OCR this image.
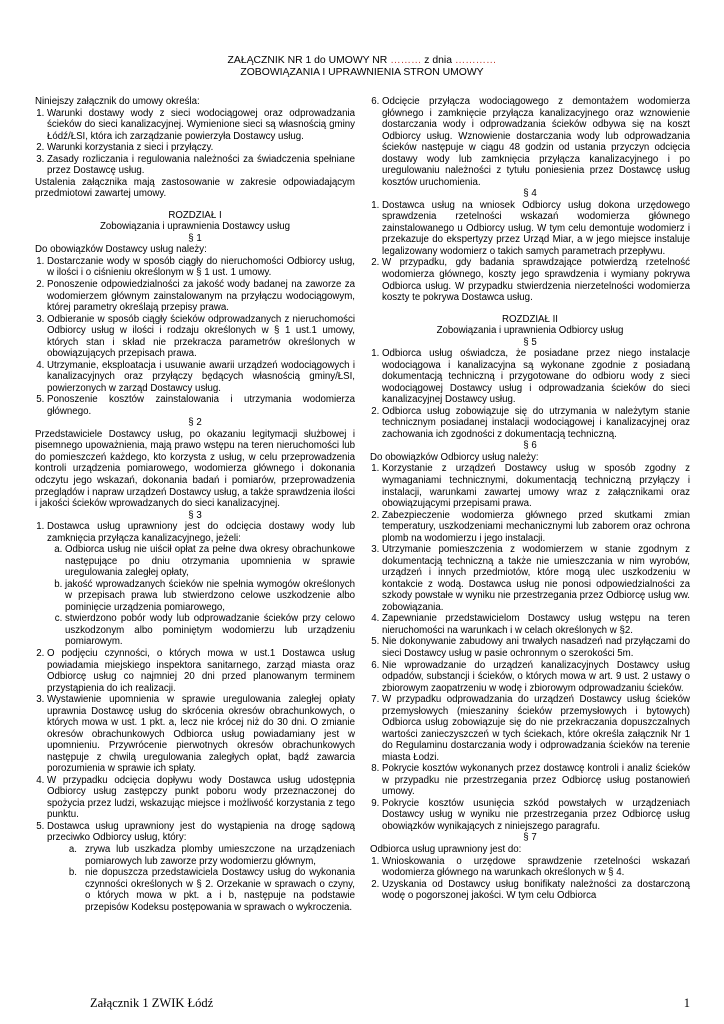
ZAŁĄCZNIK NR 1 do UMOWY NR ……… z dnia …………
ZOBOWIĄZANIA I UPRAWNIENIA STRON UMOWY

Niniejszy załącznik do umowy określa:

1. Warunki dostawy wody z sieci wodociągowej oraz odprowadzania ścieków do sieci kanalizacyjnej. Wymienione sieci są własnością gminy Łódź/ŁSI, która ich zarządzanie powierzyła Dostawcy usług.
2. Warunki korzystania z sieci i przyłączy.
3. Zasady rozliczania i regulowania należności za świadczenia spełniane przez Dostawcę usług.

Ustalenia załącznika mają zastosowanie w zakresie odpowiadającym przedmiotowi zawartej umowy.

ROZDZIAŁ I

Zobowiązania i uprawnienia Dostawcy usług

§ 1

Do obowiązków Dostawcy usług należy:

1. Dostarczanie wody w sposób ciągły do nieruchomości Odbiorcy usług, w ilości i o ciśnieniu określonym w § 1 ust. 1 umowy.
2. Ponoszenie odpowiedzialności za jakość wody badanej na zaworze za wodomierzem głównym zainstalowanym na przyłączu wodociągowym, której parametry określają przepisy prawa.
3. Odbieranie w sposób ciągły ścieków odprowadzanych z nieruchomości Odbiorcy usług w ilości i rodzaju określonych w § 1 ust.1 umowy, których stan i skład nie przekracza parametrów określonych w obowiązujących przepisach prawa.
4. Utrzymanie, eksploatacja i usuwanie awarii urządzeń wodociągowych i kanalizacyjnych oraz przyłączy będących własnością gminy/ŁSI, powierzonych w zarząd Dostawcy usług.
5. Ponoszenie kosztów zainstalowania i utrzymania wodomierza głównego.

§ 2

Przedstawiciele Dostawcy usług, po okazaniu legitymacji służbowej i pisemnego upoważnienia, mają prawo wstępu na teren nieruchomości lub do pomieszczeń każdego, kto korzysta z usług, w celu przeprowadzenia kontroli urządzenia pomiarowego, wodomierza głównego i dokonania odczytu jego wskazań, dokonania badań i pomiarów, przeprowadzenia przeglądów i napraw urządzeń Dostawcy usług, a także sprawdzenia ilości i jakości ścieków wprowadzanych do sieci kanalizacyjnej.

§ 3

1. Dostawca usług uprawniony jest do odcięcia dostawy wody lub zamknięcia przyłącza kanalizacyjnego, jeżeli:
a. Odbiorca usług nie uiścił opłat za pełne dwa okresy obrachunkowe następujące po dniu otrzymania upomnienia w sprawie uregulowania zaległej opłaty,
b. jakość wprowadzanych ścieków nie spełnia wymogów określonych w przepisach prawa lub stwierdzono celowe uszkodzenie albo pominięcie urządzenia pomiarowego,
c. stwierdzono pobór wody lub odprowadzanie ścieków przy celowo uszkodzonym albo pominiętym wodomierzu lub urządzeniu pomiarowym.
2. O podjęciu czynności, o których mowa w ust.1 Dostawca usług powiadamia miejskiego inspektora sanitarnego, zarząd miasta oraz Odbiorcę usług co najmniej 20 dni przed planowanym terminem przystąpienia do ich realizacji.
3. Wystawienie upomnienia w sprawie uregulowania zaległej opłaty uprawnia Dostawcę usług do skrócenia okresów obrachunkowych, o których mowa w ust. 1 pkt. a, lecz nie krócej niż do 30 dni. O zmianie okresów obrachunkowych Odbiorca usług powiadamiany jest w upomnieniu. Przywrócenie pierwotnych okresów obrachunkowych następuje z chwilą uregulowania zaległych opłat, bądź zawarcia porozumienia w sprawie ich spłaty.
4. W przypadku odcięcia dopływu wody Dostawca usług udostępnia Odbiorcy usług zastępczy punkt poboru wody przeznaczonej do spożycia przez ludzi, wskazując miejsce i możliwość korzystania z tego punktu.
5. Dostawca usług uprawniony jest do wystąpienia na drogę sądową przeciwko Odbiorcy usług, który:
a. zrywa lub uszkadza plomby umieszczone na urządzeniach pomiarowych lub zaworze przy wodomierzu głównym,
b. nie dopuszcza przedstawiciela Dostawcy usług do wykonania czynności określonych w § 2. Orzekanie w sprawach o czyny, o których mowa w pkt. a i b, następuje na podstawie przepisów Kodeksu postępowania w sprawach o wykroczenia.
6. Odcięcie przyłącza wodociągowego z demontażem wodomierza głównego i zamknięcie przyłącza kanalizacyjnego oraz wznowienie dostarczania wody i odprowadzania ścieków odbywa się na koszt Odbiorcy usług. Wznowienie dostarczania wody lub odprowadzania ścieków następuje w ciągu 48 godzin od ustania przyczyn odcięcia dostawy wody lub zamknięcia przyłącza kanalizacyjnego i po uregulowaniu należności z tytułu poniesienia przez Dostawcę usług kosztów uruchomienia.

§ 4

1. Dostawca usług na wniosek Odbiorcy usług dokona urzędowego sprawdzenia rzetelności wskazań wodomierza głównego zainstalowanego u Odbiorcy usług. W tym celu demontuje wodomierz i przekazuje do ekspertyzy przez Urząd Miar, a w jego miejsce instaluje legalizowany wodomierz o takich samych parametrach przepływu.
2. W przypadku, gdy badania sprawdzające potwierdzą rzetelność wodomierza głównego, koszty jego sprawdzenia i wymiany pokrywa Odbiorca usług. W przypadku stwierdzenia nierzetelności wodomierza koszty te pokrywa Dostawca usług.

ROZDZIAŁ II

Zobowiązania i uprawnienia Odbiorcy usług

§ 5

1. Odbiorca usług oświadcza, że posiadane przez niego instalacje wodociągowa i kanalizacyjna są wykonane zgodnie z posiadaną dokumentacją techniczną i przygotowane do odbioru wody z sieci wodociągowej Dostawcy usług i odprowadzania ścieków do sieci kanalizacyjnej Dostawcy usług.
2. Odbiorca usług zobowiązuje się do utrzymania w należytym stanie technicznym posiadanej instalacji wodociągowej i kanalizacyjnej oraz zachowania ich zgodności z dokumentacją techniczną.

§ 6

Do obowiązków Odbiorcy usług należy:

1. Korzystanie z urządzeń Dostawcy usług w sposób zgodny z wymaganiami technicznymi, dokumentacją techniczną przyłączy i instalacji, warunkami zawartej umowy wraz z załącznikami oraz obowiązującymi przepisami prawa.
2. Zabezpieczenie wodomierza głównego przed skutkami zmian temperatury, uszkodzeniami mechanicznymi lub zaborem oraz ochrona plomb na wodomierzu i jego instalacji.
3. Utrzymanie pomieszczenia z wodomierzem w stanie zgodnym z dokumentacją techniczną a także nie umieszczania w nim wyrobów, urządzeń i innych przedmiotów, które mogą ulec uszkodzeniu w kontakcie z wodą. Dostawca usług nie ponosi odpowiedzialności za szkody powstałe w wyniku nie przestrzegania przez Odbiorcę usług ww. zobowiązania.
4. Zapewnianie przedstawicielom Dostawcy usług wstępu na teren nieruchomości na warunkach i w celach określonych w §2.
5. Nie dokonywanie zabudowy ani trwałych nasadzeń nad przyłączami do sieci Dostawcy usług w pasie ochronnym o szerokości 5m.
6. Nie wprowadzanie do urządzeń kanalizacyjnych Dostawcy usług odpadów, substancji i ścieków, o których mowa w art. 9 ust. 2 ustawy o zbiorowym zaopatrzeniu w wodę i zbiorowym odprowadzaniu ścieków.
7. W przypadku odprowadzania do urządzeń Dostawcy usług ścieków przemysłowych (mieszaniny ścieków przemysłowych i bytowych) Odbiorca usług zobowiązuje się do nie przekraczania dopuszczalnych wartości zanieczyszczeń w tych ściekach, które określa załącznik Nr 1 do Regulaminu dostarczania wody i odprowadzania ścieków na terenie miasta Łodzi.
8. Pokrycie kosztów wykonanych przez dostawcę kontroli i analiz ścieków w przypadku nie przestrzegania przez Odbiorcę usług postanowień umowy.
9. Pokrycie kosztów usunięcia szkód powstałych w urządzeniach Dostawcy usług w wyniku nie przestrzegania przez Odbiorcę usług obowiązków wynikających z niniejszego paragrafu.

§ 7

Odbiorca usług uprawniony jest do:

1. Wnioskowania o urzędowe sprawdzenie rzetelności wskazań wodomierza głównego na warunkach określonych w § 4.
2. Uzyskania od Dostawcy usług bonifikaty należności za dostarczoną wodę o pogorszonej jakości. W tym celu Odbiorca
Załącznik 1 ZWIK Łódź	1
